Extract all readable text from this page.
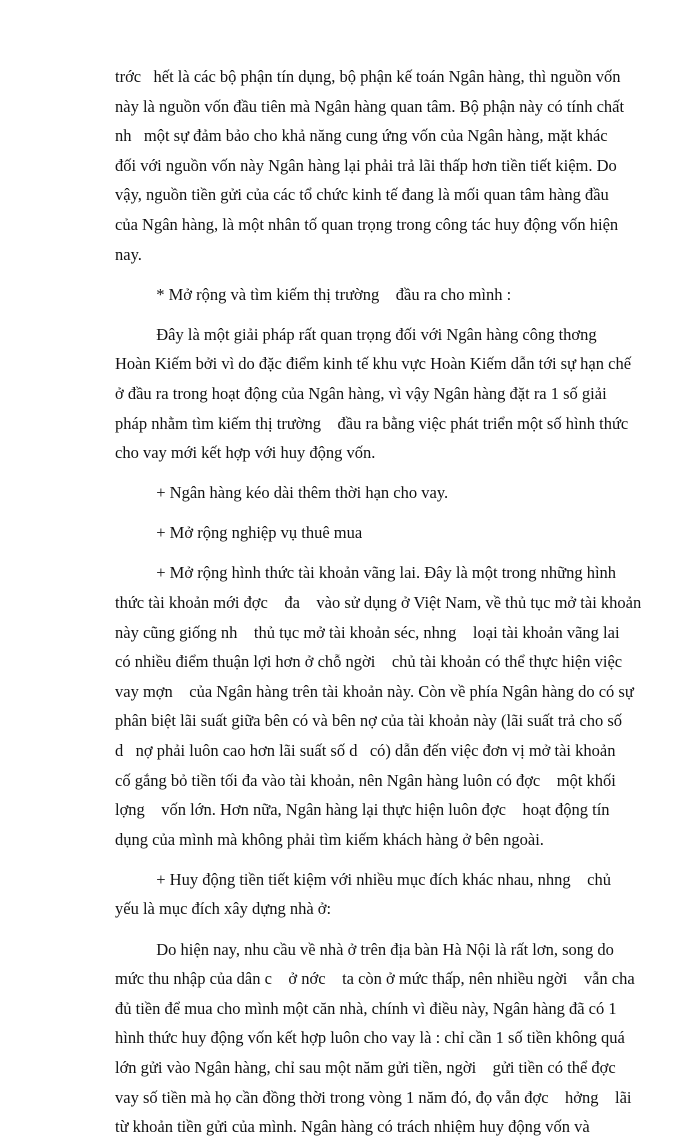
trớc   hết là các bộ phận tín dụng, bộ phận kế toán Ngân hàng, thì nguồn vốn
này là nguồn vốn đầu tiên mà Ngân hàng quan tâm. Bộ phận này có tính chất
nh   một sự đảm bảo cho khả năng cung ứng vốn của Ngân hàng, mặt khác
đối với nguồn vốn này Ngân hàng lại phải trả lãi thấp hơn tiền tiết kiệm. Do
vậy, nguồn tiền gửi của các tổ chức kinh tế đang là mối quan tâm hàng đầu
của Ngân hàng, là một nhân tố quan trọng trong công tác huy động vốn hiện
nay.
* Mở rộng và tìm kiếm thị trường    đầu ra cho mình :
Đây là một giải pháp rất quan trọng đối với Ngân hàng công thơng
Hoàn Kiếm bởi vì do đặc điểm kinh tế khu vực Hoàn Kiếm dẫn tới sự hạn chế
ở đầu ra trong hoạt động của Ngân hàng, vì vậy Ngân hàng đặt ra 1 số giải
pháp nhằm tìm kiếm thị trường    đầu ra bằng việc phát triển một số hình thức
cho vay mới kết hợp với huy động vốn.
+ Ngân hàng kéo dài thêm thời hạn cho vay.
+ Mở rộng nghiệp vụ thuê mua
+ Mở rộng hình thức tài khoản vãng lai. Đây là một trong những hình
thức tài khoản mới đợc    đa    vào sử dụng ở Việt Nam, về thủ tục mở tài khoản
này cũng giống nh    thủ tục mở tài khoản séc, nhng    loại tài khoản vãng lai
có nhiều điểm thuận lợi hơn ở chỗ ngời    chủ tài khoản có thể thực hiện việc
vay mợn    của Ngân hàng trên tài khoản này. Còn về phía Ngân hàng do có sự
phân biệt lãi suất giữa bên có và bên nợ của tài khoản này (lãi suất trả cho số
d   nợ phải luôn cao hơn lãi suất số d   có) dẫn đến việc đơn vị mở tài khoản
cố gắng bỏ tiền tối đa vào tài khoản, nên Ngân hàng luôn có đợc    một khối
lợng    vốn lớn. Hơn nữa, Ngân hàng lại thực hiện luôn đợc    hoạt động tín
dụng của mình mà không phải tìm kiếm khách hàng ở bên ngoài.
+ Huy động tiền tiết kiệm với nhiều mục đích khác nhau, nhng    chủ
yếu là mục đích xây dựng nhà ở:
Do hiện nay, nhu cầu về nhà ở trên địa bàn Hà Nội là rất lơn, song do
mức thu nhập của dân c    ở nớc    ta còn ở mức thấp, nên nhiều ngời    vẫn cha
đủ tiền để mua cho mình một căn nhà, chính vì điều này, Ngân hàng đã có 1
hình thức huy động vốn kết hợp luôn cho vay là : chỉ cần 1 số tiền không quá
lớn gửi vào Ngân hàng, chỉ sau một năm gửi tiền, ngời    gửi tiền có thể đợc
vay số tiền mà họ cần đồng thời trong vòng 1 năm đó, đọ vẫn đợc    hởng    lãi
từ khoản tiền gửi của mình. Ngân hàng có trách nhiệm huy động vốn và
